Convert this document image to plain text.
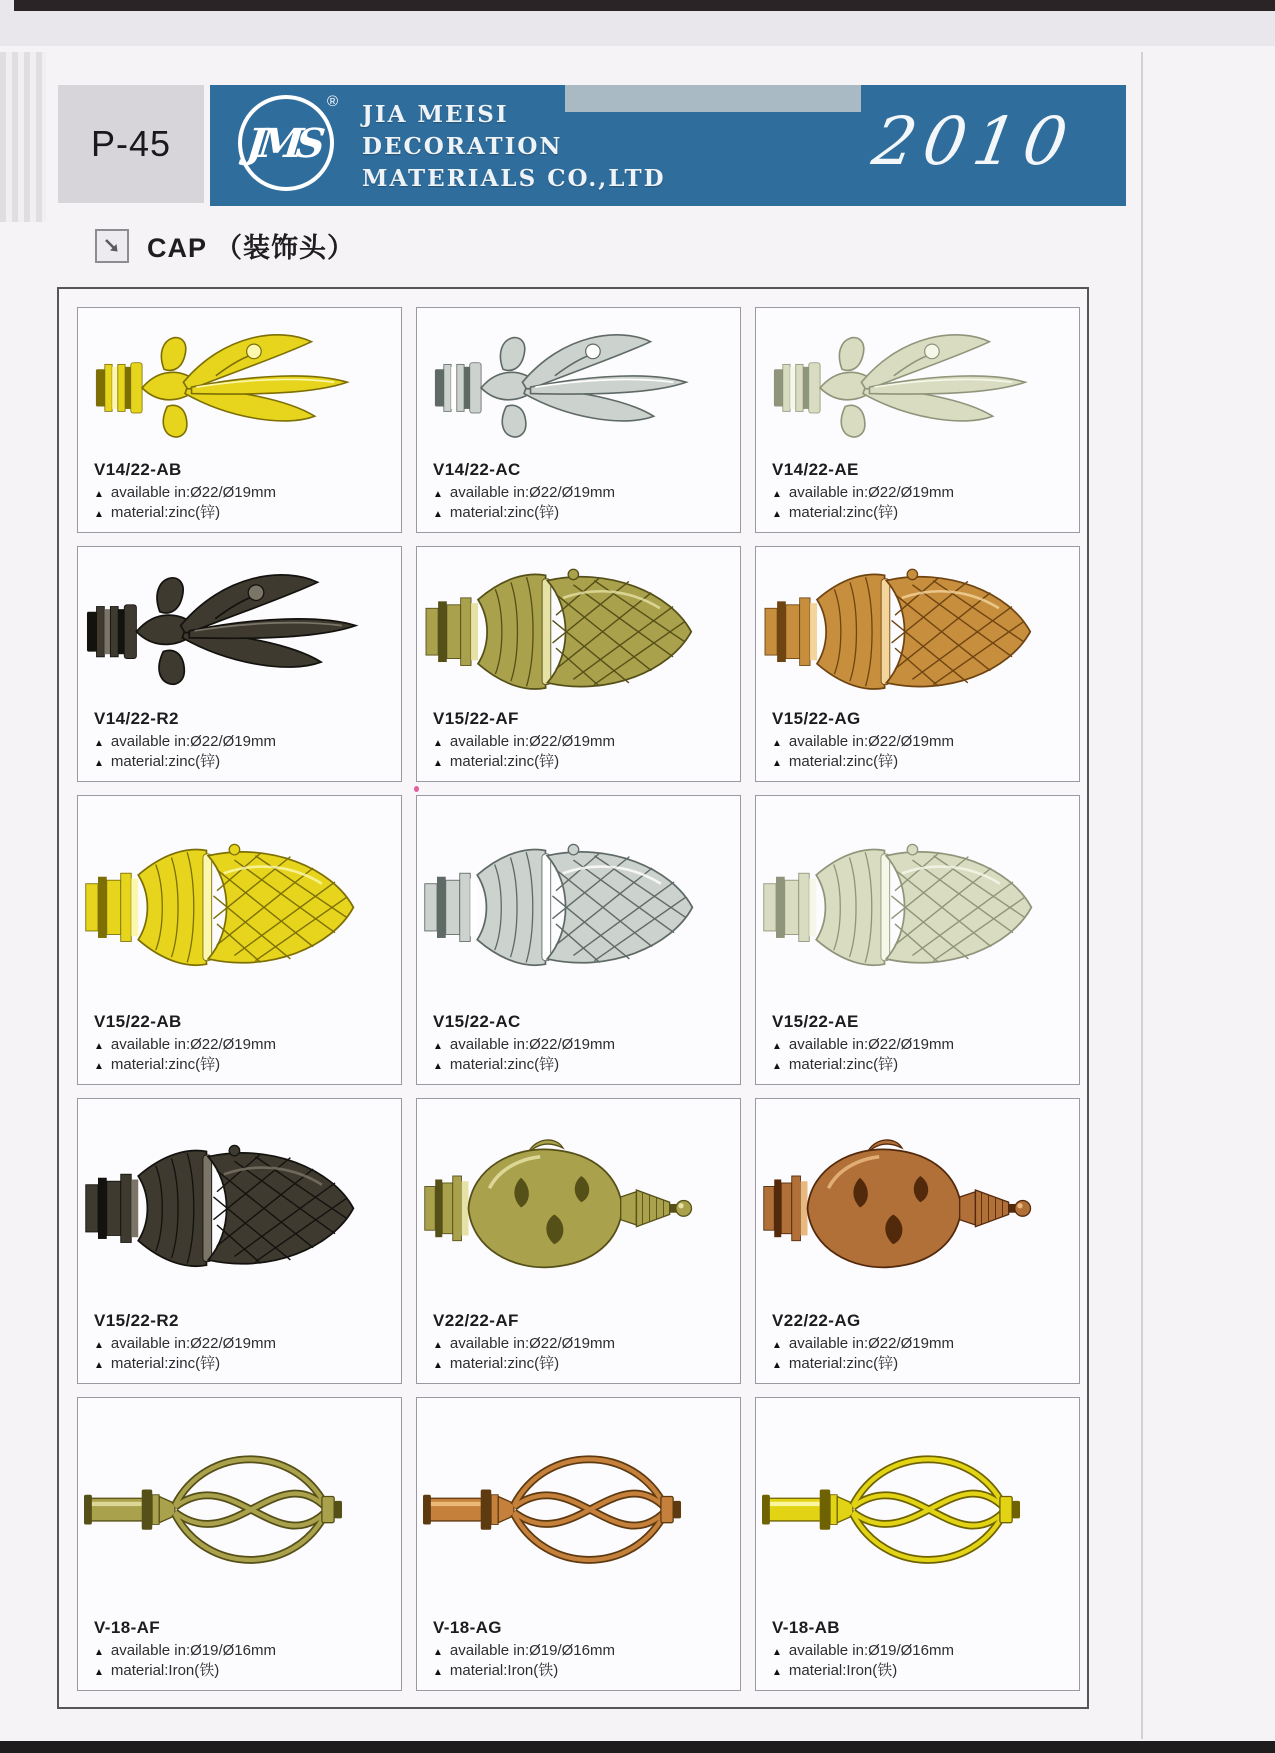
P-45 JMS
® JIA MEISI
DECORATION
MATERIALS CO.,LTD	2010
CAP （装饰头）
V14/22-AB
▲ available in:Ø22/Ø19mm
▲ material:zinc(锌)
V14/22-AC
▲ available in:Ø22/Ø19mm
▲ material:zinc(锌)
V14/22-AE
▲ available in:Ø22/Ø19mm
▲ material:zinc(锌)
V14/22-R2
▲ available in:Ø22/Ø19mm
▲ material:zinc(锌)
V15/22-AF
▲ available in:Ø22/Ø19mm
▲ material:zinc(锌)
V15/22-AG
▲ available in:Ø22/Ø19mm
▲ material:zinc(锌)
V15/22-AB
▲ available in:Ø22/Ø19mm
▲ material:zinc(锌)
V15/22-AC
▲ available in:Ø22/Ø19mm
▲ material:zinc(锌)
V15/22-AE
▲ available in:Ø22/Ø19mm
▲ material:zinc(锌)
V15/22-R2
▲ available in:Ø22/Ø19mm
▲ material:zinc(锌)
V22/22-AF
▲ available in:Ø22/Ø19mm
▲ material:zinc(锌)
V22/22-AG
▲ available in:Ø22/Ø19mm
▲ material:zinc(锌)
V-18-AF
▲ available in:Ø19/Ø16mm
▲ material:Iron(铁)
V-18-AG
▲ available in:Ø19/Ø16mm
▲ material:Iron(铁)
V-18-AB
▲ available in:Ø19/Ø16mm
▲ material:Iron(铁)
